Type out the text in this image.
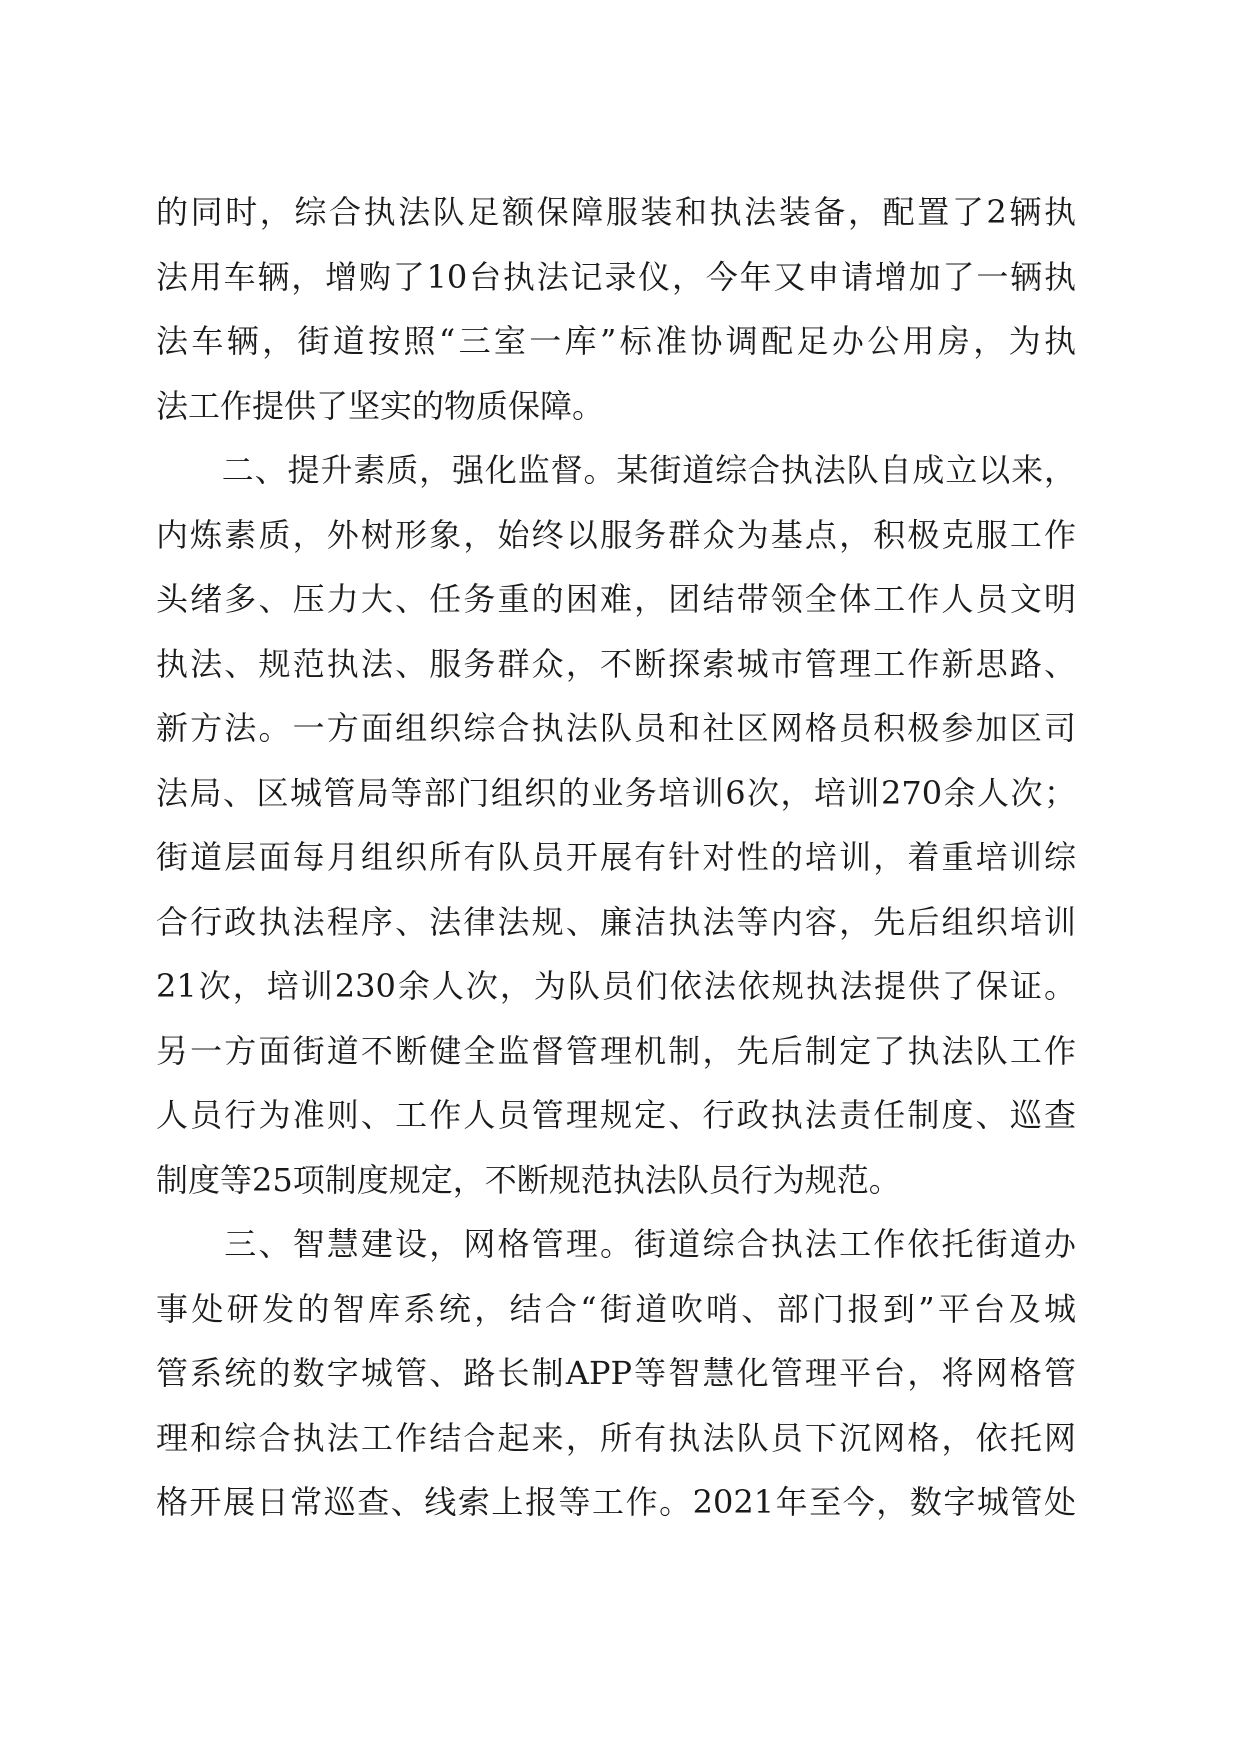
的同时，综合执法队足额保障服装和执法装备，配置了2辆执
法用车辆，增购了10台执法记录仪，今年又申请增加了一辆执
法车辆，街道按照“三室一库”标准协调配足办公用房，为执
法工作提供了坚实的物质保障。
　　二、提升素质，强化监督。某街道综合执法队自成立以来，
内炼素质，外树形象，始终以服务群众为基点，积极克服工作
头绪多、压力大、任务重的困难，团结带领全体工作人员文明
执法、规范执法、服务群众，不断探索城市管理工作新思路、
新方法。一方面组织综合执法队员和社区网格员积极参加区司
法局、区城管局等部门组织的业务培训6次，培训270余人次；
街道层面每月组织所有队员开展有针对性的培训，着重培训综
合行政执法程序、法律法规、廉洁执法等内容，先后组织培训
21次，培训230余人次，为队员们依法依规执法提供了保证。
另一方面街道不断健全监督管理机制，先后制定了执法队工作
人员行为准则、工作人员管理规定、行政执法责任制度、巡查
制度等25项制度规定，不断规范执法队员行为规范。
　　三、智慧建设，网格管理。街道综合执法工作依托街道办
事处研发的智库系统，结合“街道吹哨、部门报到”平台及城
管系统的数字城管、路长制APP等智慧化管理平台，将网格管
理和综合执法工作结合起来，所有执法队员下沉网格，依托网
格开展日常巡查、线索上报等工作。2021年至今，数字城管处
